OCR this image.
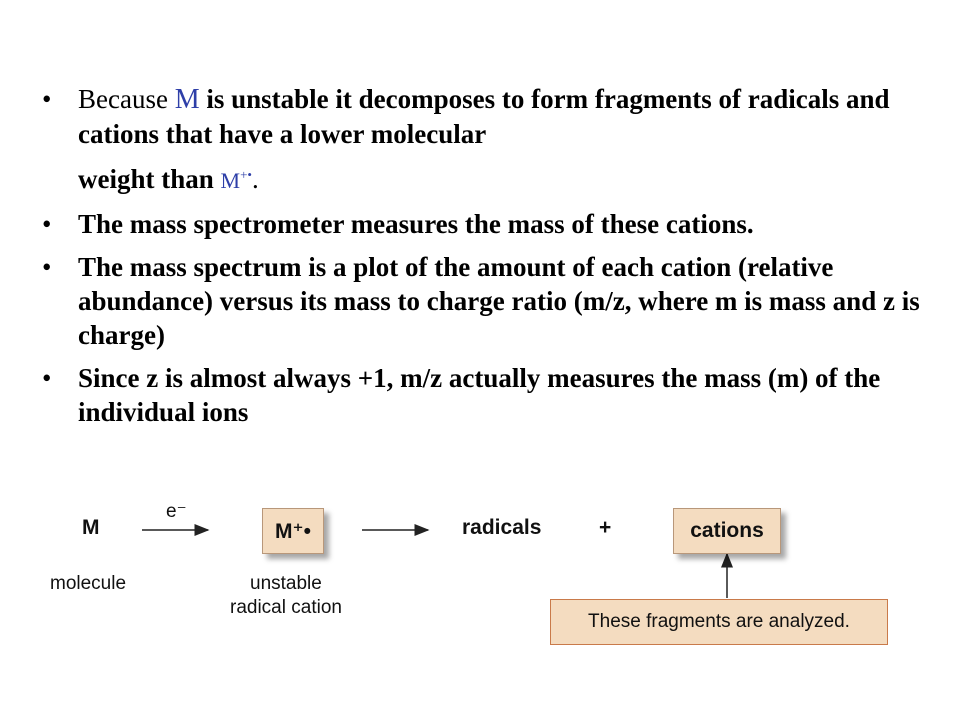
• Because M is unstable it decomposes to form fragments of radicals and cations that have a lower molecular
weight than M+•.
• The mass spectrometer measures the mass of these cations.
• The mass spectrum is a plot of the amount of each cation (relative abundance) versus its mass to charge ratio (m/z, where m is mass and z is charge)
• Since z is almost always +1, m/z actually measures the mass (m) of the individual ions
M
e⁻
M⁺•	radicals	+	cations
molecule	unstable
radical cation
These fragments are analyzed.
